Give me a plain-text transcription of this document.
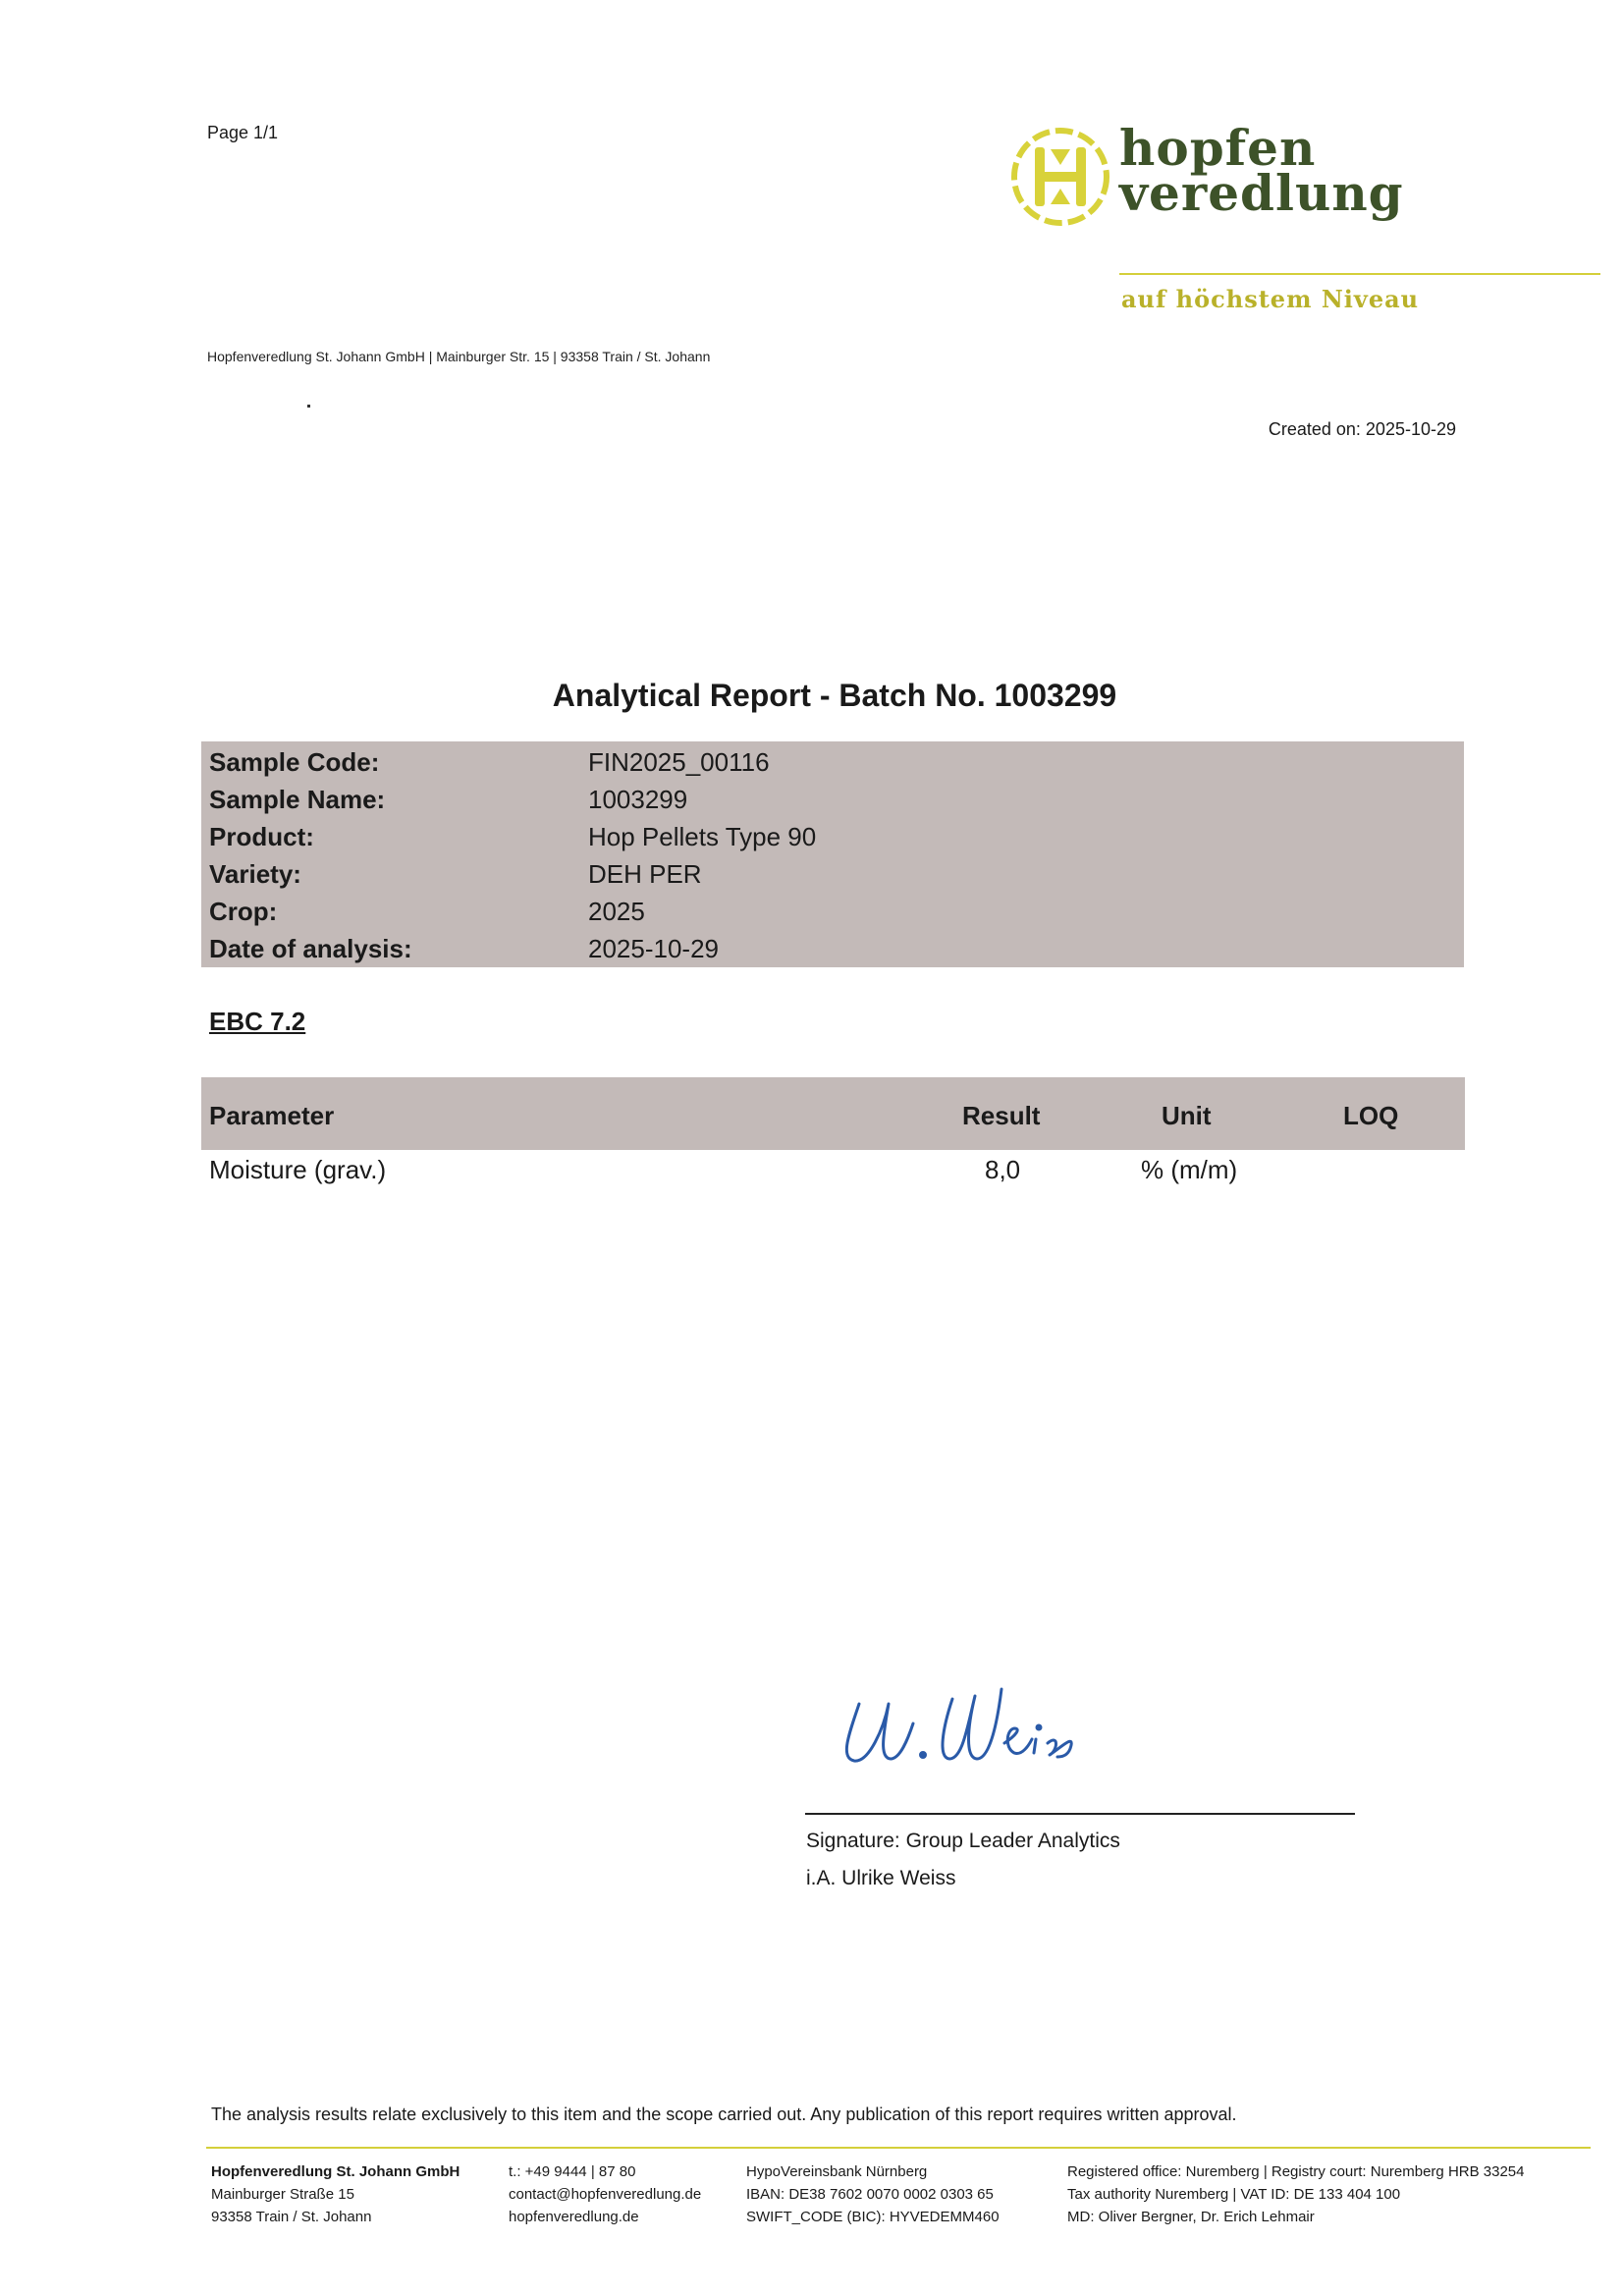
Page 1/1	hopfen
veredlung
auf höchstem Niveau
Hopfenveredlung St. Johann GmbH | Mainburger Str. 15 | 93358 Train / St. Johann
Created on: 2025-10-29
Analytical Report - Batch No. 1003299
Sample Code:	FIN2025_00116
Sample Name:	1003299
Product:	Hop Pellets Type 90
Variety:	DEH PER
Crop:	2025
Date of analysis:	2025-10-29
EBC 7.2
Parameter	Result	Unit	LOQ
Moisture (grav.)	8,0	% (m/m)
Signature: Group Leader Analytics
i.A. Ulrike Weiss
The analysis results relate exclusively to this item and the scope carried out. Any publication of this report requires written approval.
Hopfenveredlung St. Johann GmbH
Mainburger Straße 15
93358 Train / St. Johann
t.: +49 9444 | 87 80
contact@hopfenveredlung.de
hopfenveredlung.de
HypoVereinsbank Nürnberg
IBAN: DE38 7602 0070 0002 0303 65
SWIFT_CODE (BIC): HYVEDEMM460
Registered office: Nuremberg | Registry court: Nuremberg HRB 33254
Tax authority Nuremberg | VAT ID: DE 133 404 100
MD: Oliver Bergner, Dr. Erich Lehmair
